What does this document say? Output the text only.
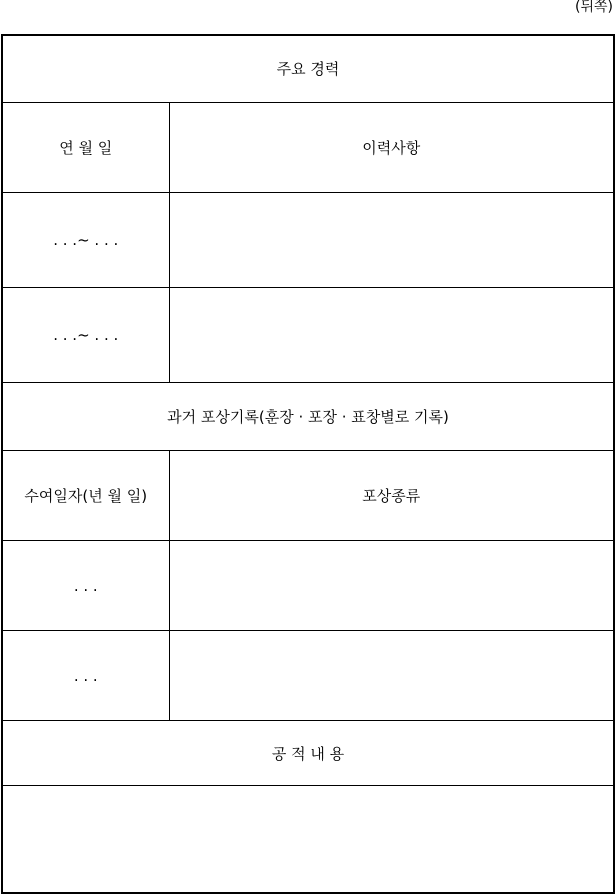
(뒤쪽)
주요 경력	
연 월 일	이력사항
. . .~ . . .	
. . .~ . . .	
과거 포상기록(훈장 · 포장 · 표창별로 기록)	
수여일자(년 월 일)	포상종류
. . .	
. . .	
공 적 내 용	
